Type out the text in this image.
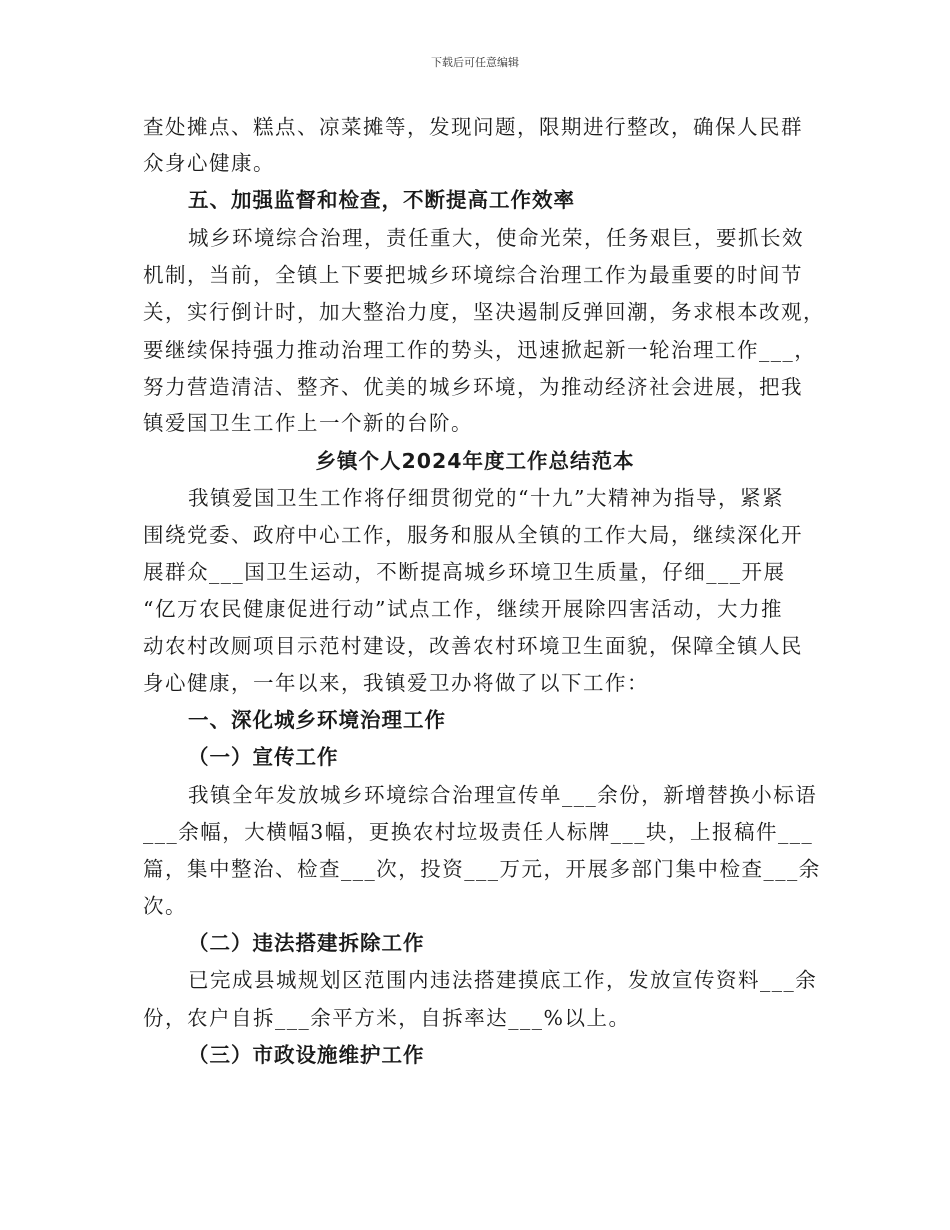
下载后可任意编辑
查处摊点、糕点、凉菜摊等，发现问题，限期进行整改，确保人民群
众身心健康。
五、加强监督和检查，不断提高工作效率
城乡环境综合治理，责任重大，使命光荣，任务艰巨，要抓长效
机制，当前，全镇上下要把城乡环境综合治理工作为最重要的时间节
关，实行倒计时，加大整治力度，坚决遏制反弹回潮，务求根本改观，
要继续保持强力推动治理工作的势头，迅速掀起新一轮治理工作___，
努力营造清洁、整齐、优美的城乡环境，为推动经济社会进展，把我
镇爱国卫生工作上一个新的台阶。
乡镇个人2024年度工作总结范本
我镇爱国卫生工作将仔细贯彻党的“十九”大精神为指导，紧紧
围绕党委、政府中心工作，服务和服从全镇的工作大局，继续深化开
展群众___国卫生运动，不断提高城乡环境卫生质量，仔细___开展
“亿万农民健康促进行动”试点工作，继续开展除四害活动，大力推
动农村改厕项目示范村建设，改善农村环境卫生面貌，保障全镇人民
身心健康，一年以来，我镇爱卫办将做了以下工作：
一、深化城乡环境治理工作
（一）宣传工作
我镇全年发放城乡环境综合治理宣传单___余份，新增替换小标语
___余幅，大横幅3幅，更换农村垃圾责任人标牌___块，上报稿件___
篇，集中整治、检查___次，投资___万元，开展多部门集中检查___余
次。
（二）违法搭建拆除工作
已完成县城规划区范围内违法搭建摸底工作，发放宣传资料___余
份，农户自拆___余平方米，自拆率达___%以上。
（三）市政设施维护工作
